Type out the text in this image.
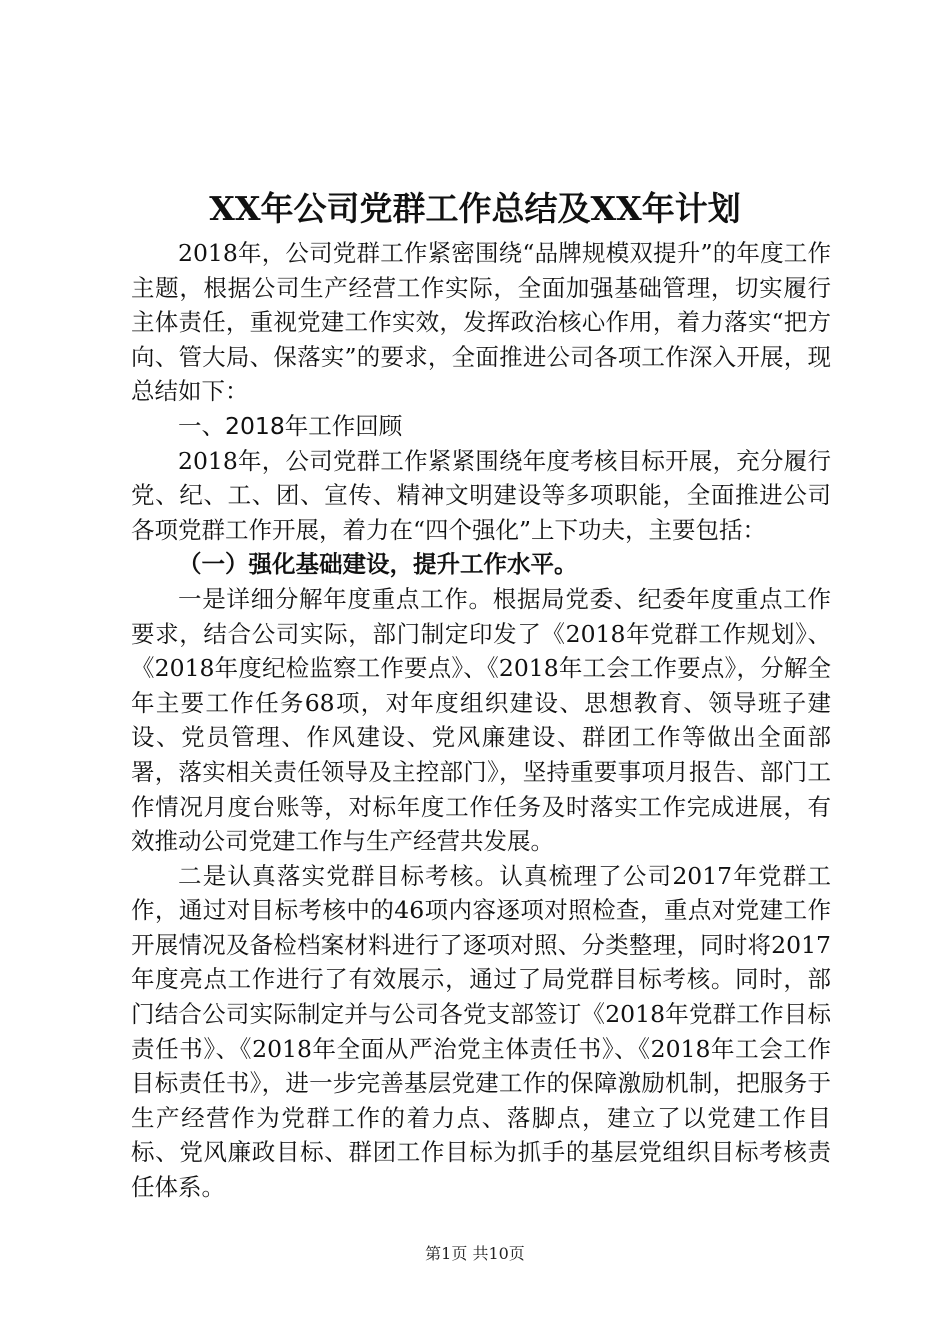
XX年公司党群工作总结及XX年计划

2018年，公司党群工作紧密围绕“品牌规模双提升”的年度工作主题，根据公司生产经营工作实际，全面加强基础管理，切实履行主体责任，重视党建工作实效，发挥政治核心作用，着力落实“把方向、管大局、保落实”的要求，全面推进公司各项工作深入开展，现总结如下：

一、2018年工作回顾

2018年，公司党群工作紧紧围绕年度考核目标开展，充分履行党、纪、工、团、宣传、精神文明建设等多项职能，全面推进公司各项党群工作开展，着力在“四个强化”上下功夫，主要包括：

（一）强化基础建设，提升工作水平。

一是详细分解年度重点工作。根据局党委、纪委年度重点工作要求，结合公司实际，部门制定印发了《2018年党群工作规划》、《2018年度纪检监察工作要点》、《2018年工会工作要点》，分解全年主要工作任务68项，对年度组织建设、思想教育、领导班子建设、党员管理、作风建设、党风廉建设、群团工作等做出全面部署，落实相关责任领导及主控部门》，坚持重要事项月报告、部门工作情况月度台账等，对标年度工作任务及时落实工作完成进展，有效推动公司党建工作与生产经营共发展。

二是认真落实党群目标考核。认真梳理了公司2017年党群工作，通过对目标考核中的46项内容逐项对照检查，重点对党建工作开展情况及备检档案材料进行了逐项对照、分类整理，同时将2017年度亮点工作进行了有效展示，通过了局党群目标考核。同时，部门结合公司实际制定并与公司各党支部签订《2018年党群工作目标责任书》、《2018年全面从严治党主体责任书》、《2018年工会工作目标责任书》，进一步完善基层党建工作的保障激励机制，把服务于生产经营作为党群工作的着力点、落脚点，建立了以党建工作目标、党风廉政目标、群团工作目标为抓手的基层党组织目标考核责任体系。

第1页 共10页
